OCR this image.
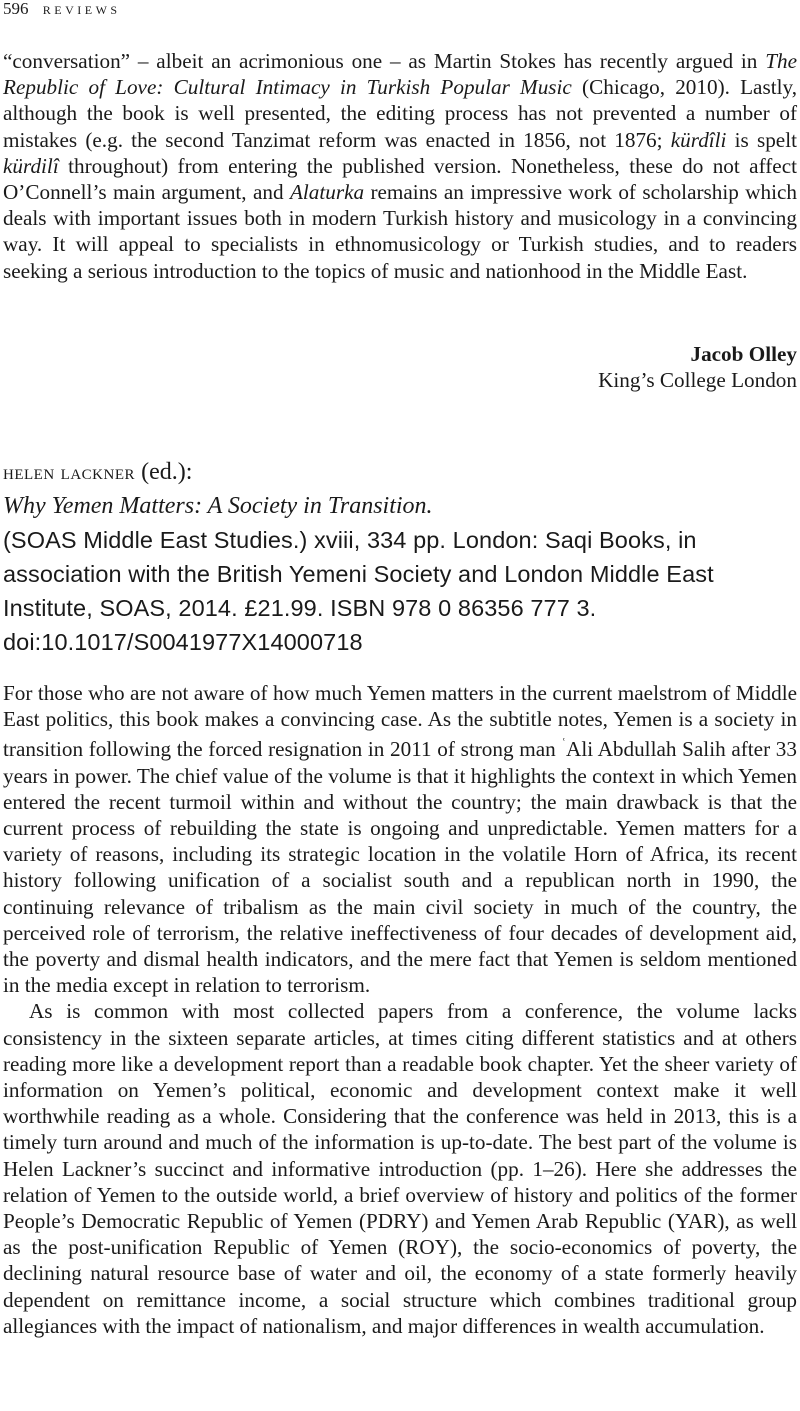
596 REVIEWS

“conversation” – albeit an acrimonious one – as Martin Stokes has recently argued in The Republic of Love: Cultural Intimacy in Turkish Popular Music (Chicago, 2010). Lastly, although the book is well presented, the editing process has not prevented a number of mistakes (e.g. the second Tanzimat reform was enacted in 1856, not 1876; kürdîli is spelt kürdilî throughout) from entering the published version. Nonetheless, these do not affect O’Connell’s main argument, and Alaturka remains an impressive work of scholarship which deals with important issues both in modern Turkish history and musicology in a convincing way. It will appeal to specialists in ethnomusicology or Turkish studies, and to readers seeking a serious introduction to the topics of music and nationhood in the Middle East.

Jacob Olley
King’s College London
helen lackner (ed.):
Why Yemen Matters: A Society in Transition.
(SOAS Middle East Studies.) xviii, 334 pp. London: Saqi Books, in
association with the British Yemeni Society and London Middle East
Institute, SOAS, 2014. £21.99. ISBN 978 0 86356 777 3.
doi:10.1017/S0041977X14000718

For those who are not aware of how much Yemen matters in the current maelstrom of Middle East politics, this book makes a convincing case. As the subtitle notes, Yemen is a society in transition following the forced resignation in 2011 of strong man $^ʿ$Ali Abdullah Salih after 33 years in power. The chief value of the volume is that it highlights the context in which Yemen entered the recent turmoil within and without the country; the main drawback is that the current process of rebuilding the state is ongoing and unpredictable. Yemen matters for a variety of reasons, including its strategic location in the volatile Horn of Africa, its recent history following unification of a socialist south and a republican north in 1990, the continuing relevance of tribalism as the main civil society in much of the country, the perceived role of terrorism, the relative ineffectiveness of four decades of development aid, the poverty and dismal health indicators, and the mere fact that Yemen is seldom mentioned in the media except in relation to terrorism.

As is common with most collected papers from a conference, the volume lacks consistency in the sixteen separate articles, at times citing different statistics and at others reading more like a development report than a readable book chapter. Yet the sheer variety of information on Yemen’s political, economic and development context make it well worthwhile reading as a whole. Considering that the conference was held in 2013, this is a timely turn around and much of the information is up-to-date. The best part of the volume is Helen Lackner’s succinct and informative introduction (pp. 1–26). Here she addresses the relation of Yemen to the outside world, a brief overview of history and politics of the former People’s Democratic Republic of Yemen (PDRY) and Yemen Arab Republic (YAR), as well as the post-unification Republic of Yemen (ROY), the socio-economics of poverty, the declining natural resource base of water and oil, the economy of a state formerly heavily dependent on remittance income, a social structure which combines traditional group allegiances with the impact of nationalism, and major differences in wealth accumulation.
